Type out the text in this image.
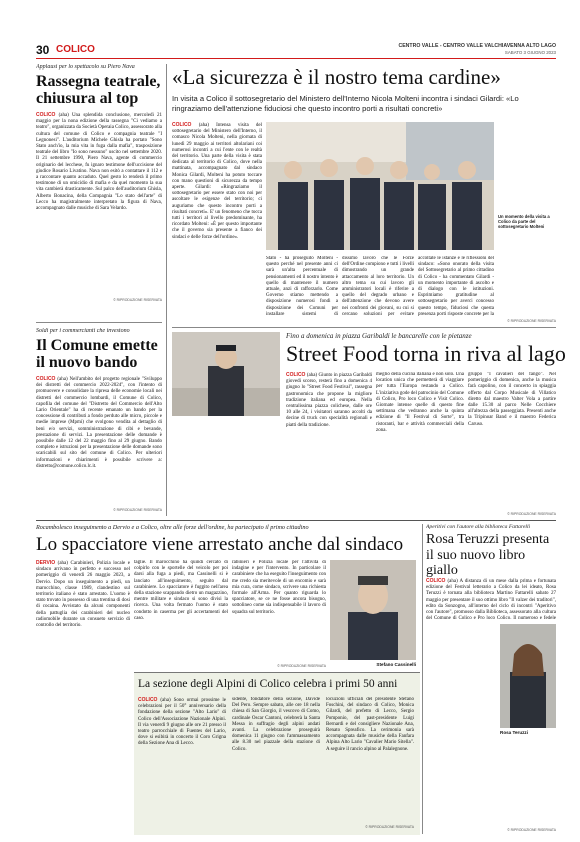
30 COLICO	CENTRO VALLE - CENTRO VALLE VALCHIAVENNA ALTO LAGO
SABATO 3 GIUGNO 2023
Applausi per lo spettacolo su Piero Nava
Rassegna teatrale, chiusura al top

COLICO (aha) Una splendida conclusione, mercoledì 21 maggio per la nona edizione della rassegna "Ci vediamo a teatro", organizzata da Società Operaia Colico, assessorato alla cultura del comune di Colico e compagnia teatrale "I Legnonesi". L'auditorium Michele Ghisla ha portato "Sono Stato anch'io, la mia vita in fuga dalla mafia", trasposizione teatrale del libro "Io sono nessuno" uscito nel settembre 2020. Il 21 settembre 1990, Piero Nava, agente di commercio originario del lecchese, fu ignaro testimone dell'uccisione del giudice Rosario Livatino. Nava non esitò a contattare il 112 e a raccontare quanto accaduto. Quel gesto lo renderà il primo testimone di un omicidio di mafia e da quel momento la sua vita cambierà drasticamente. Sul palco dell'auditorium Ghisla, Alberto Bonacina, della Compagnia "Lo stato dell'arte" di Lecco ha magistralmente interpretato la figura di Nava, accompagnato dalle musiche di Sara Velardo.

© RIPRODUZIONE RISERVATA
Soldi per i commercianti che investono
Il Comune emette il nuovo bando

COLICO (aha) Nell'ambito del progetto regionale "Sviluppo dei distretti del commercio 2022-2024", con l'intento di promuovere e consolidare la ripresa delle economie locali nei distretti del commercio lombardi, il Comune di Colico, capofila del comune del "Distretto del Commercio dell'Alto Lario Orientale" ha di recente emanato un bando per la concessione di contributi a fondo perduto alle micro, piccole e medie imprese (Mpmi) che svolgono vendita al dettaglio di beni e/o servizi, somministrazione di cibi e bevande, prestazione di servizi. La presentazione delle domande è possibile dalle 12 del 22 maggio fino al 29 giugno. Bando completo e istruzioni per la presentazione delle domande sono scaricabili sul sito del comune di Colico. Per ulteriori informazioni e chiarimenti è possibile scrivere a: distretto@comune.colico.lc.it.

© RIPRODUZIONE RISERVATA
«La sicurezza è il nostro tema cardine»
In visita a Colico il sottosegretario del Ministero dell'Interno Nicola Molteni incontra i sindaci Gilardi: «Lo ringraziamo dell'attenzione fiduciosi che questo incontro porti a risultati concreti»

COLICO (aha) Intensa visita del sottosegretario del Ministero dell'Interno, il comasco Nicola Molteni, nella giornata di lunedì 29 maggio ai territori altolariani coi numerosi incontri a cui l'ente con le realtà del territorio. Una parte della visita è stata dedicata al territorio di Colico, dove nella mattinata, accompagnato dal sindaco Monica Gilardi, Molteni ha potuto toccare con mano questioni di sicurezza da tempo aperte. Gilardi: «Ringraziamo il sottosegretario per essere stato con noi per ascoltare le esigenze del territorio; ci auguriamo che questo incontro porti a risultati concreti». E' un fenomeno che tocca tutti i territori al livello predominante, ha ricordato Molteni: «È per questo importante che il governo sia presente a fianco dei sindaci e delle forze dell'ordine».

Un momento della visita a Colico da parte del sottosegretario Molteni

Stato - ha proseguito Molteni - questo perché nel presente anni ci sarà un'alta percentuale di pensionamenti ed il nostro intento è quello di mantenere il numero attuale, anzi di rafforzarlo. Come Governo stiamo mettendo a disposizione numerosi fondi a disposizione dei Comuni per installare sistemi di

dissimo lavoro che le Forze dell'Ordine compiono e tutti i livelli dimostrando un grande attaccamento al loro territorio. Un altro tema su cui lavoro gli amministratori locali è riferire a quello del degrado urbano e dell'attenzione che devono avere nei confronti dei giovani, su cui si cercano soluzioni per evitare

accoltate le istanze e le riflessioni del sindaco: «Sono onorato della visita del Sottosegretario al primo cittadino di Colico - ha commentato Gilardi - un momento importante di ascolto e di dialogo con le istituzioni. Esprimiamo gratitudine al sottosegretario per averci concesso questo tempo, fiduciosi che questa presenza porti risposte concrete per la

© RIPRODUZIONE RISERVATA
Fino a domenica in piazza Garibaldi le bancarelle con le pietanze
Street Food torna in riva al lago

COLICO (aha) Giunto in piazza Garibaldi giovedì scorso, resterà fino a domenica 4 giugno lo "Street Food Festival", rassegna gastronomica che propone la migliore tradizione italiana ed europea. Nella centralissima piazza colichese, dalle ore 10 alle 24, i visitatori saranno accolti da decine di truck con specialità regionali e piatti della tradizione.

meglio della cucina italiana e non solo. Una location unica che permetterà di viaggiare per tutta l'Europa restando a Colico. L'iniziativa gode del patrocinio del Comune di Colico, Pro loco Colico e Visit Colico. Giornate intense quelle di questo fine settimana che vedranno anche la quinta edizione di "Il Festival di Sorte", tra ristoranti, bar e attività commerciali della zona.

gruppo "I cavalieri del fango". Nel pomeriggio di domenica, anche la musica farà capolino, con il concerto in spiaggia offerto dal Corpo Musicale di Villatico diretto dal maestro Valter Vola a partire dalle 15.30 al parco Nelle Cocchiere all'altezza della passeggiata. Presenti anche la Tripinoar Band e il maestro Federica Caruso.

© RIPRODUZIONE RISERVATA
Rocambolesco inseguimento a Dervio e a Colico, oltre alle forze dell'ordine, ha partecipato il primo cittadino
Lo spacciatore viene arrestato anche dal sindaco

DERVIO (aha) Carabinieri, Polizia locale e sindaco arrivano in perfetto e successo nel pomeriggio di venerdì 26 maggio 2023, a Dervio. Dopo un inseguimento a piedi, un marocchino, classe 1989, clandestino sul territorio italiano è stato arrestato. L'uomo è stato trovato in possesso di una trentina di dosi di cocaina. Avvistato da alcuni componenti della pattuglia dei carabinieri del nucleo radiomobile durante un consueto servizio di controllo del territorio.

taglie. Il marocchino ha quindi cercato di colpirlo con le sportelle del veicolo per poi darsi alla fuga a piedi, ma Cassinelli si è lanciato all'inseguimento, seguito dal carabiniere. Lo spacciatore è fuggito nell'area della stazione scappando dietro un magazzino, mentre militare e sindaco si sono divisi la ricerca. Una volta fermato l'uomo è stato condotto in caserma per gli accertamenti del caso.

rabinieri e Polizia locale per l'attività di indagine e per l'intervento. In particolare il carabiniere che ha eseguito l'inseguimento con me credo sia meritevole di un encomio e sarà mia cura, come sindaco, scrivere una richiesta formale all'Arma. Per quanto riguarda lo spacciatore, se ce ne fosse ancora bisogno, sottolineo come sia indispensabile il lavoro di squadra sul territorio.

Stefano Cassinelli
© RIPRODUZIONE RISERVATA
La sezione degli Alpini di Colico celebra i primi 50 anni

COLICO (aha) Sono ormai prossime le celebrazioni per il 50° anniversario della fondazione della sezione "Alto Lario" di Colico dell'Associazione Nazionale Alpini. Il via venerdì 9 giugno alle ore 21 presso il teatro parrocchiale di Fuentes del Lario, dove si esibirà in concerto il Coro Grigna della Sezione Ana di Lecco.

sidente, fondatore della sezione, Davide Del Pero. Sempre sabato, alle ore 18 nella chiesa di San Giorgio, il vescovo di Como, cardinale Oscar Cantoni, celebrerà la Santa Messa in suffragio degli alpini andati avanti. La celebrazione proseguirà domenica 11 giugno con l'ammassamento alle 8.30 nel piazzale della stazione di Colico.

locuzioni ufficiali del presidente Stefano Foschini, del sindaco di Colico, Monica Gilardi, del prefetto di Lecco, Sergio Pomponio, del past-presidente Luigi Bernardi e del consigliere Nazionale Ana, Renato Spreafico. La cerimonia sarà accompagnata dalle musiche della Fanfara Alpina Alto Lario "Cavalier Mario Sitella". A seguire il rancio alpino al Palalegnone.

© RIPRODUZIONE RISERVATA
Aperitivi con l'autore alla biblioteca Fattarelli
Rosa Teruzzi presenta il suo nuovo libro giallo
Rosa Teruzzi

COLICO (aha) A distanza di un mese dalla prima e fortunata edizione del Festival letterario a Colico da lei ideato, Rosa Teruzzi è tornata alla biblioteca Martino Fattarelli sabato 27 maggio per presentare il suo ottimo libro "Il valzer dei traditori", edito da Sonzogno, all'interno del ciclo di incontri "Aperitivo con l'autore", promosso dalla Biblioteca, assessorato alla cultura del Comune di Colico e Pro loco Colico. Il numeroso e fedele

© RIPRODUZIONE RISERVATA
